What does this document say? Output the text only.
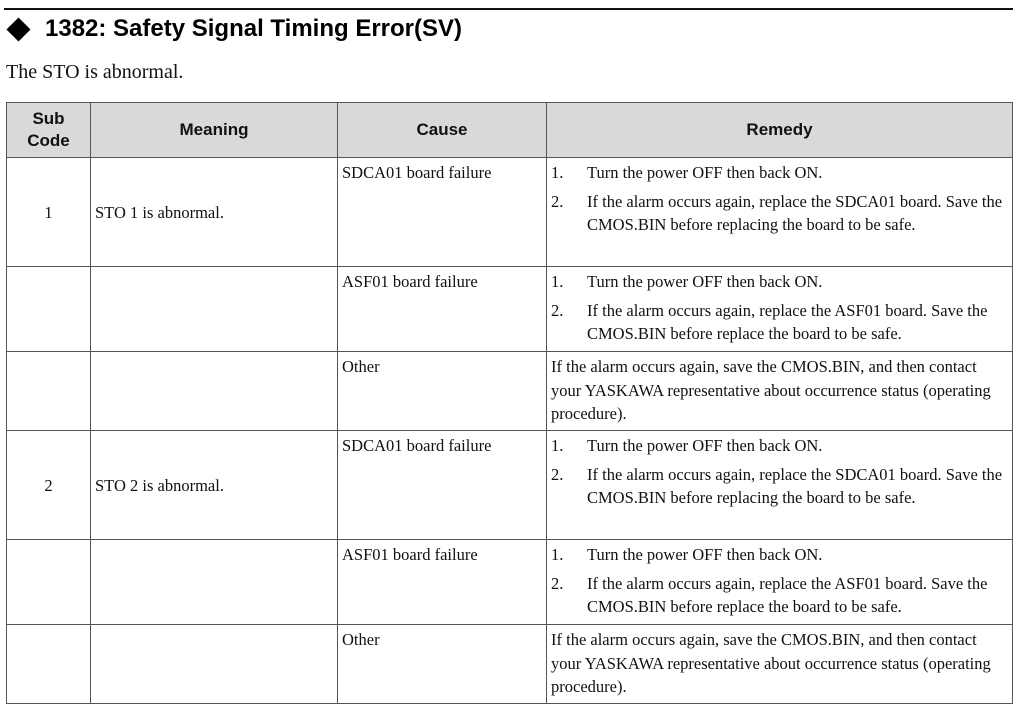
1382: Safety Signal Timing Error(SV)
The STO is abnormal.
Sub Code	Meaning	Cause	Remedy
1	STO 1 is abnormal.	SDCA01 board failure	1. Turn the power OFF then back ON.
2. If the alarm occurs again, replace the SDCA01 board. Save the CMOS.BIN before replacing the board to be safe.

		ASF01 board failure	1. Turn the power OFF then back ON.
2. If the alarm occurs again, replace the ASF01 board. Save the CMOS.BIN before replace the board to be safe.

		Other	If the alarm occurs again, save the CMOS.BIN, and then contact your YASKAWA representative about occurrence status (operating procedure).
2	STO 2 is abnormal.	SDCA01 board failure	1. Turn the power OFF then back ON.
2. If the alarm occurs again, replace the SDCA01 board. Save the CMOS.BIN before replacing the board to be safe.

		ASF01 board failure	1. Turn the power OFF then back ON.
2. If the alarm occurs again, replace the ASF01 board. Save the CMOS.BIN before replace the board to be safe.

		Other	If the alarm occurs again, save the CMOS.BIN, and then contact your YASKAWA representative about occurrence status (operating procedure).
